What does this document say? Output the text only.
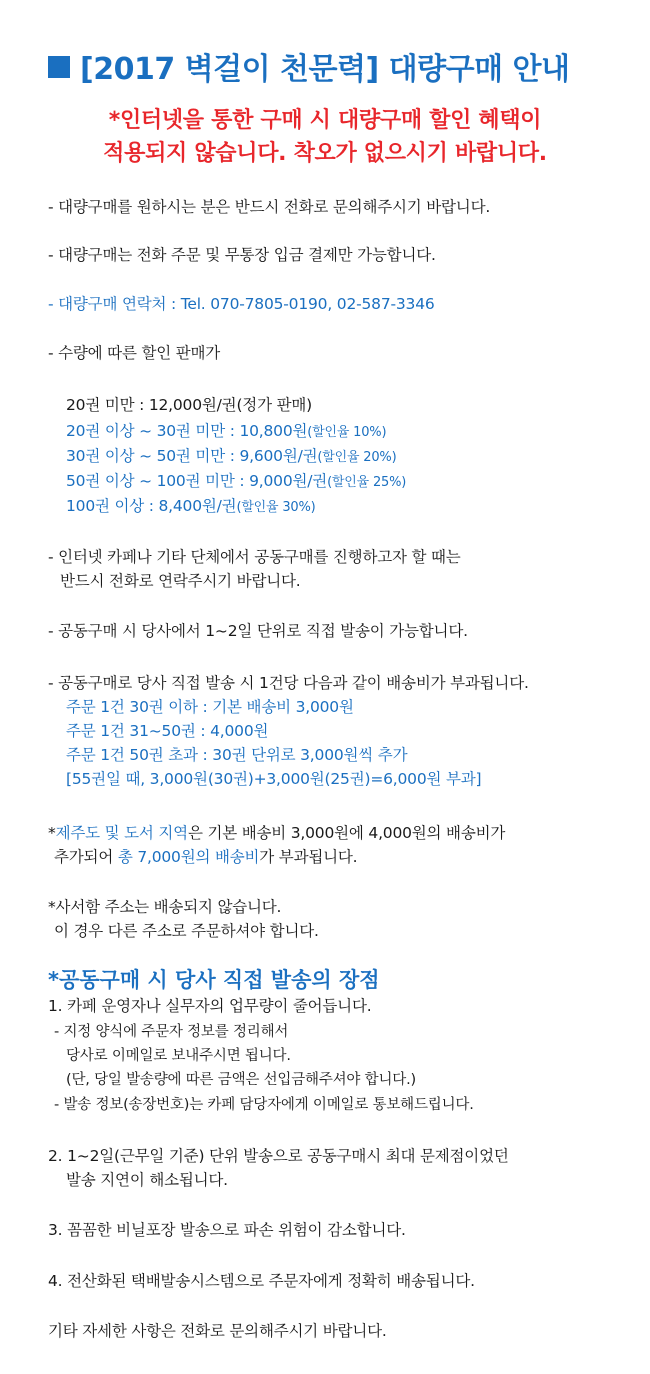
[2017 벽걸이 천문력] 대량구매 안내
*인터넷을 통한 구매 시 대량구매 할인 혜택이
적용되지 않습니다. 착오가 없으시기 바랍니다.
- 대량구매를 원하시는 분은 반드시 전화로 문의해주시기 바랍니다.
- 대량구매는 전화 주문 및 무통장 입금 결제만 가능합니다.
- 대량구매 연락처 : Tel. 070-7805-0190, 02-587-3346
- 수량에 따른 할인 판매가
20권 미만 : 12,000원/권(정가 판매)
20권 이상 ~ 30권 미만 : 10,800원(할인율 10%)
30권 이상 ~ 50권 미만 : 9,600원/권(할인율 20%)
50권 이상 ~ 100권 미만 : 9,000원/권(할인율 25%)
100권 이상 : 8,400원/권(할인율 30%)
- 인터넷 카페나 기타 단체에서 공동구매를 진행하고자 할 때는
반드시 전화로 연락주시기 바랍니다.
- 공동구매 시 당사에서 1~2일 단위로 직접 발송이 가능합니다.
- 공동구매로 당사 직접 발송 시 1건당 다음과 같이 배송비가 부과됩니다.
주문 1건 30권 이하 : 기본 배송비 3,000원
주문 1건 31~50권 : 4,000원
주문 1건 50권 초과 : 30권 단위로 3,000원씩 추가
[55권일 때, 3,000원(30권)+3,000원(25권)=6,000원 부과]
*제주도 및 도서 지역은 기본 배송비 3,000원에 4,000원의 배송비가
추가되어 총 7,000원의 배송비가 부과됩니다.
*사서함 주소는 배송되지 않습니다.
이 경우 다른 주소로 주문하셔야 합니다.
*공동구매 시 당사 직접 발송의 장점
1. 카페 운영자나 실무자의 업무량이 줄어듭니다.
- 지정 양식에 주문자 정보를 정리해서
당사로 이메일로 보내주시면 됩니다.
(단, 당일 발송량에 따른 금액은 선입금해주셔야 합니다.)
- 발송 정보(송장번호)는 카페 담당자에게 이메일로 통보해드립니다.
2. 1~2일(근무일 기준) 단위 발송으로 공동구매시 최대 문제점이었던
발송 지연이 해소됩니다.
3. 꼼꼼한 비닐포장 발송으로 파손 위험이 감소합니다.
4. 전산화된 택배발송시스템으로 주문자에게 정확히 배송됩니다.
기타 자세한 사항은 전화로 문의해주시기 바랍니다.
